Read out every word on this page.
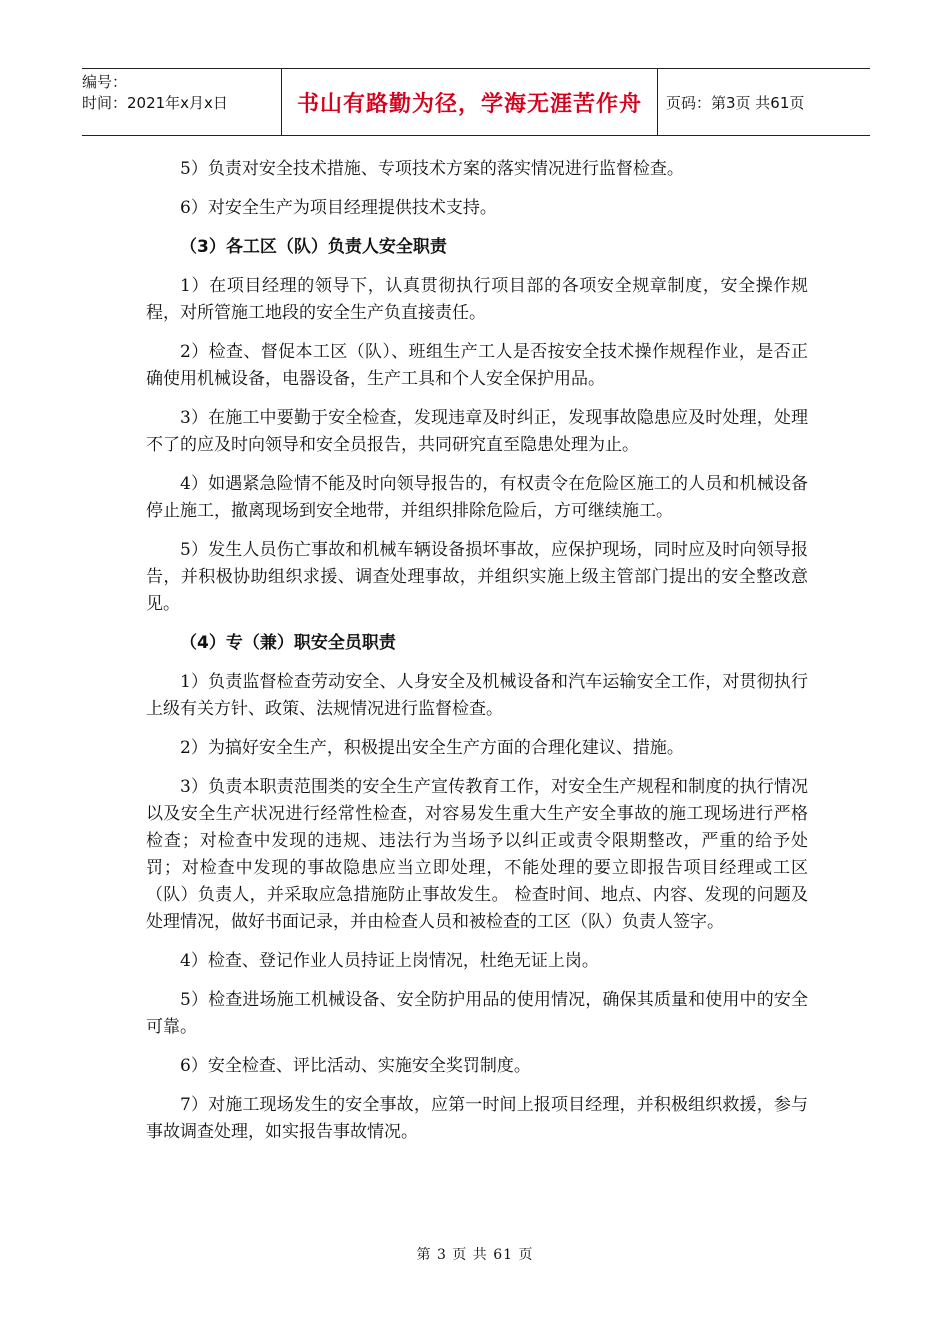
编号：
时间：2021年x月x日	书山有路勤为径，学海无涯苦作舟	页码：第3页 共61页

5）负责对安全技术措施、专项技术方案的落实情况进行监督检查。

6）对安全生产为项目经理提供技术支持。

（3）各工区（队）负责人安全职责

1）在项目经理的领导下，认真贯彻执行项目部的各项安全规章制度，安全操作规程，对所管施工地段的安全生产负直接责任。

2）检查、督促本工区（队）、班组生产工人是否按安全技术操作规程作业，是否正确使用机械设备，电器设备，生产工具和个人安全保护用品。

3）在施工中要勤于安全检查，发现违章及时纠正，发现事故隐患应及时处理，处理不了的应及时向领导和安全员报告，共同研究直至隐患处理为止。

4）如遇紧急险情不能及时向领导报告的，有权责令在危险区施工的人员和机械设备停止施工，撤离现场到安全地带，并组织排除危险后，方可继续施工。

5）发生人员伤亡事故和机械车辆设备损坏事故，应保护现场，同时应及时向领导报告，并积极协助组织求援、调查处理事故，并组织实施上级主管部门提出的安全整改意见。

（4）专（兼）职安全员职责

1）负责监督检查劳动安全、人身安全及机械设备和汽车运输安全工作，对贯彻执行上级有关方针、政策、法规情况进行监督检查。

2）为搞好安全生产，积极提出安全生产方面的合理化建议、措施。

3）负责本职责范围类的安全生产宣传教育工作，对安全生产规程和制度的执行情况以及安全生产状况进行经常性检查，对容易发生重大生产安全事故的施工现场进行严格检查；对检查中发现的违规、违法行为当场予以纠正或责令限期整改，严重的给予处罚；对检查中发现的事故隐患应当立即处理，不能处理的要立即报告项目经理或工区（队）负责人，并采取应急措施防止事故发生。 检查时间、地点、内容、发现的问题及处理情况，做好书面记录，并由检查人员和被检查的工区（队）负责人签字。

4）检查、登记作业人员持证上岗情况，杜绝无证上岗。

5）检查进场施工机械设备、安全防护用品的使用情况，确保其质量和使用中的安全可靠。

6）安全检查、评比活动、实施安全奖罚制度。

7）对施工现场发生的安全事故，应第一时间上报项目经理，并积极组织救援，参与事故调查处理，如实报告事故情况。

第 3 页 共 61 页
